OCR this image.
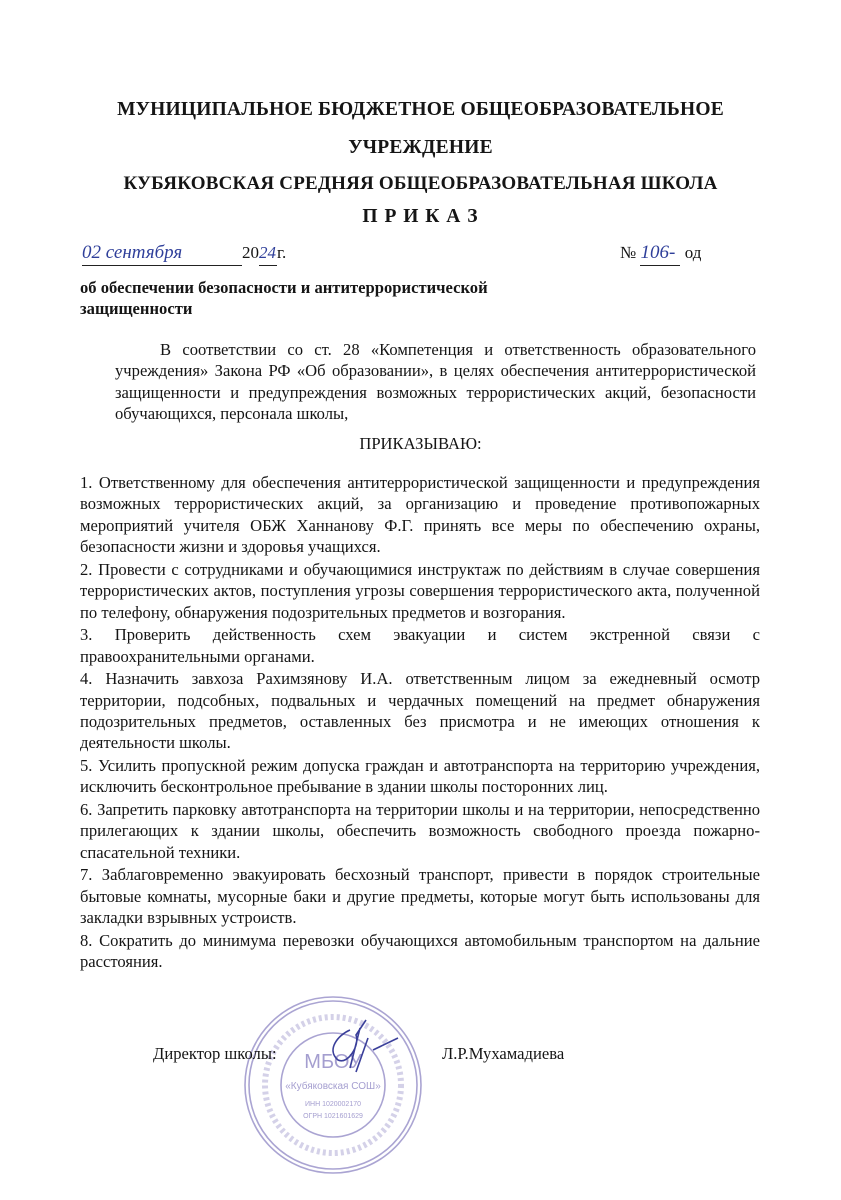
МУНИЦИПАЛЬНОЕ БЮДЖЕТНОЕ ОБЩЕОБРАЗОВАТЕЛЬНОЕ
УЧРЕЖДЕНИЕ
КУБЯКОВСКАЯ СРЕДНЯЯ ОБЩЕОБРАЗОВАТЕЛЬНАЯ ШКОЛА
П Р И К А З
02 сентября	2024г.	№ 106- од
об обеспечении безопасности и антитеррористической
защищенности
В соответствии со ст. 28 «Компетенция и ответственность образовательного учреждения» Закона РФ «Об образовании», в целях обеспечения антитеррористической защищенности и предупреждения возможных террористических акций, безопасности обучающихся, персонала школы,
ПРИКАЗЫВАЮ:

1. Ответственному для обеспечения антитеррористической защищенности и предупреждения возможных террористических акций, за организацию и проведение противопожарных мероприятий учителя ОБЖ Ханнанову Ф.Г. принять все меры по обеспечению охраны, безопасности жизни и здоровья учащихся.

2. Провести с сотрудниками и обучающимися инструктаж по действиям в случае совершения террористических актов, поступления угрозы совершения террористического акта, полученной по телефону, обнаружения подозрительных предметов и возгорания.

3. Проверить действенность схем эвакуации и систем экстренной связи с правоохранительными органами.

4. Назначить завхоза Рахимзянову И.А. ответственным лицом за ежедневный осмотр территории, подсобных, подвальных и чердачных помещений на предмет обнаружения подозрительных предметов, оставленных без присмотра и не имеющих отношения к деятельности школы.

5. Усилить пропускной режим допуска граждан и автотранспорта на территорию учреждения, исключить бесконтрольное пребывание в здании школы посторонних лиц.

6. Запретить парковку автотранспорта на территории школы и на территории, непосредственно прилегающих к здании школы, обеспечить возможность свободного проезда пожарно-спасательной техники.

7. Заблаговременно эвакуировать бесхозный транспорт, привести в порядок строительные бытовые комнаты, мусорные баки и другие предметы, которые могут быть использованы для закладки взрывных устроиств.

8. Сократить до минимума перевозки обучающихся автомобильным транспортом на дальние расстояния.

МБОУ
«Кубяковская СОШ»
ИНН 1020002170
ОГРН 1021601629
Директор школы:	Л.Р.Мухамадиева
